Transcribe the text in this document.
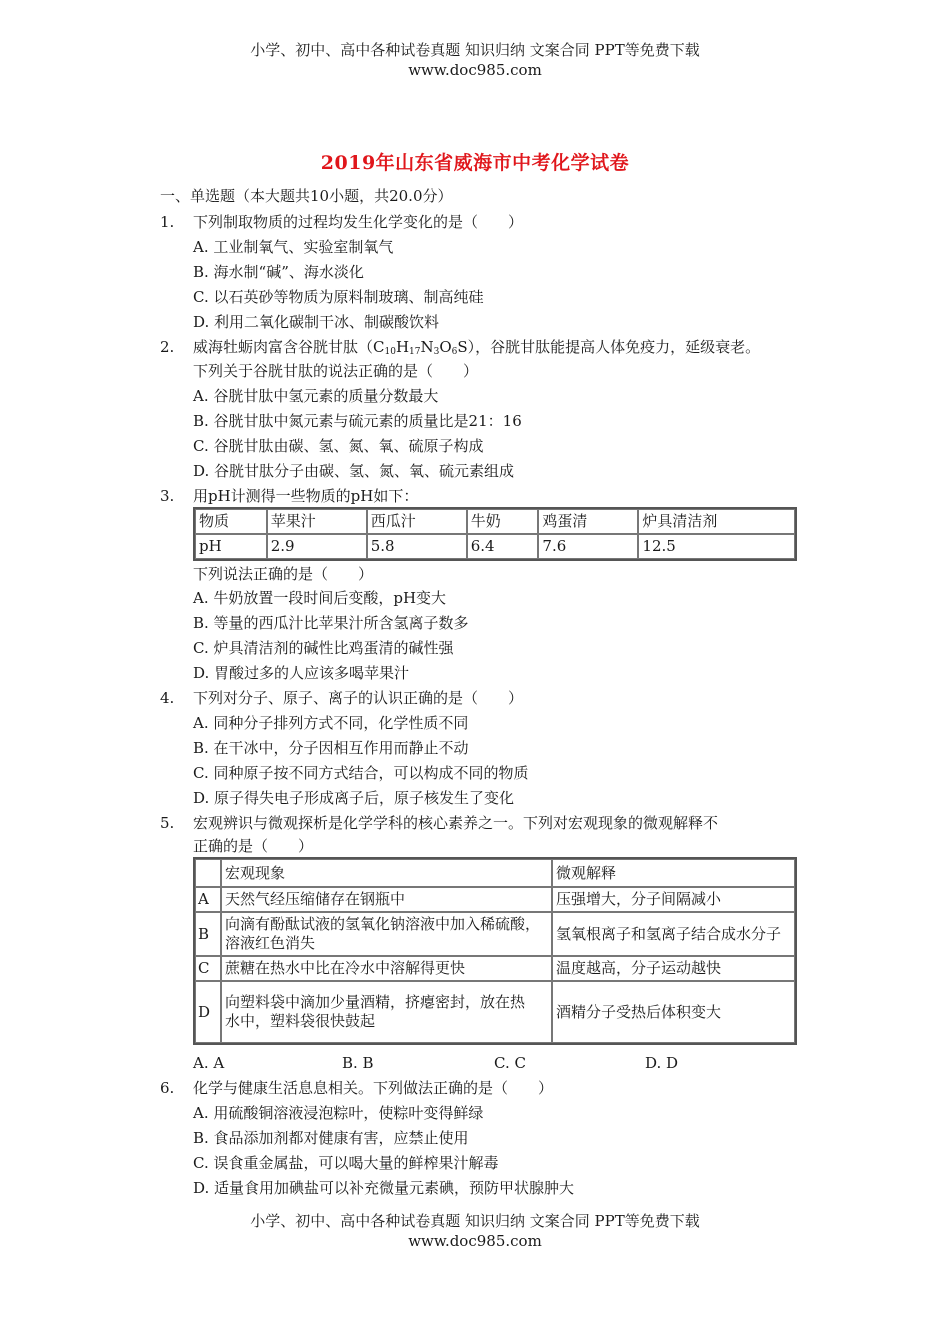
小学、初中、高中各种试卷真题 知识归纳 文案合同 PPT等免费下载
www.doc985.com
2019年山东省威海市中考化学试卷
一、单选题（本大题共10小题，共20.0分）
1. 下列制取物质的过程均发生化学变化的是（　　）
A. 工业制氧气、实验室制氧气
B. 海水制“碱”、海水淡化
C. 以石英砂等物质为原料制玻璃、制高纯硅
D. 利用二氧化碳制干冰、制碳酸饮料
2. 威海牡蛎肉富含谷胱甘肽$(C_{10}H_{17}N_3O_6S)$，谷胱甘肽能提高人体免疫力，延级衰老。
下列关于谷胱甘肽的说法正确的是（　　）
A. 谷胱甘肽中氢元素的质量分数最大
B. 谷胱甘肽中氮元素与硫元素的质量比是21：16
C. 谷胱甘肽由碳、氢、氮、氧、硫原子构成
D. 谷胱甘肽分子由碳、氢、氮、氧、硫元素组成
3. 用pH计测得一些物质的pH如下：
物质	苹果汁	西瓜汁	牛奶	鸡蛋清	炉具清洁剂
pH	2.9	5.8	6.4	7.6	12.5
下列说法正确的是（　　）
A. 牛奶放置一段时间后变酸，pH变大
B. 等量的西瓜汁比苹果汁所含氢离子数多
C. 炉具清洁剂的碱性比鸡蛋清的碱性强
D. 胃酸过多的人应该多喝苹果汁
4. 下列对分子、原子、离子的认识正确的是（　　）
A. 同种分子排列方式不同，化学性质不同
B. 在干冰中，分子因相互作用而静止不动
C. 同种原子按不同方式结合，可以构成不同的物质
D. 原子得失电子形成离子后，原子核发生了变化
5. 宏观辨识与微观探析是化学学科的核心素养之一。下列对宏观现象的微观解释不
正确的是（　　）
	宏观现象	微观解释
A	天然气经压缩储存在钢瓶中	压强增大，分子间隔减小
B	向滴有酚酞试液的氢氧化钠溶液中加入稀硫酸，溶液红色消失	氢氧根离子和氢离子结合成水分子
C	蔗糖在热水中比在冷水中溶解得更快	温度越高，分子运动越快
D	向塑料袋中滴加少量酒精，挤瘪密封，放在热
水中，塑料袋很快鼓起	酒精分子受热后体积变大
A. A	B. B	C. C	D. D
6. 化学与健康生活息息相关。下列做法正确的是（　　）
A. 用硫酸铜溶液浸泡粽叶，使粽叶变得鲜绿
B. 食品添加剂都对健康有害，应禁止使用
C. 误食重金属盐，可以喝大量的鲜榨果汁解毒
D. 适量食用加碘盐可以补充微量元素碘，预防甲状腺肿大
小学、初中、高中各种试卷真题 知识归纳 文案合同 PPT等免费下载
www.doc985.com
